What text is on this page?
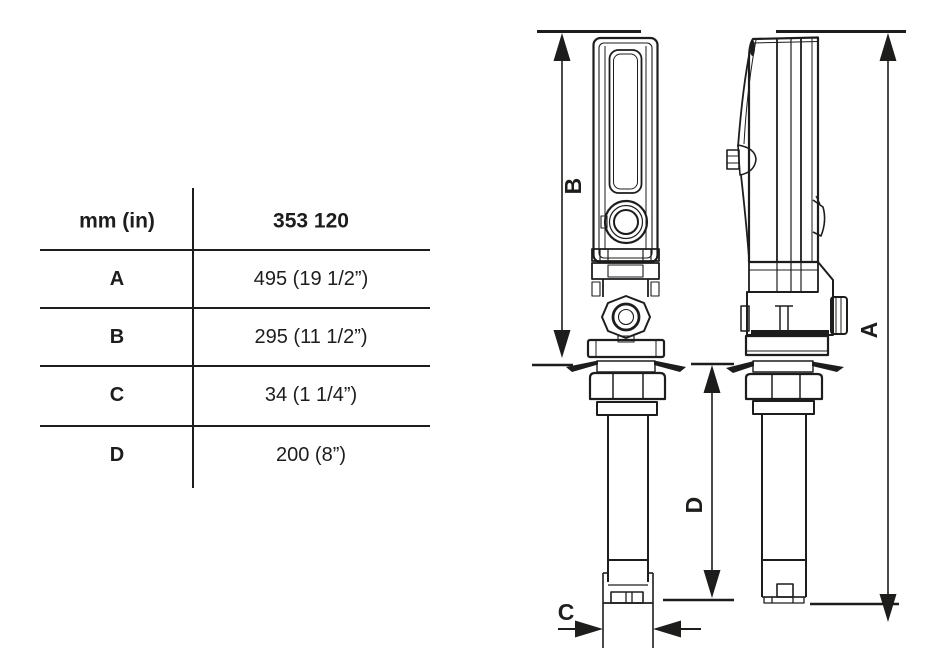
mm (in)	353 120
A	495 (19 1/2”)
B	295 (11 1/2”)
C	34 (1 1/4”)
D	200 (8”)
B
A
D
C
